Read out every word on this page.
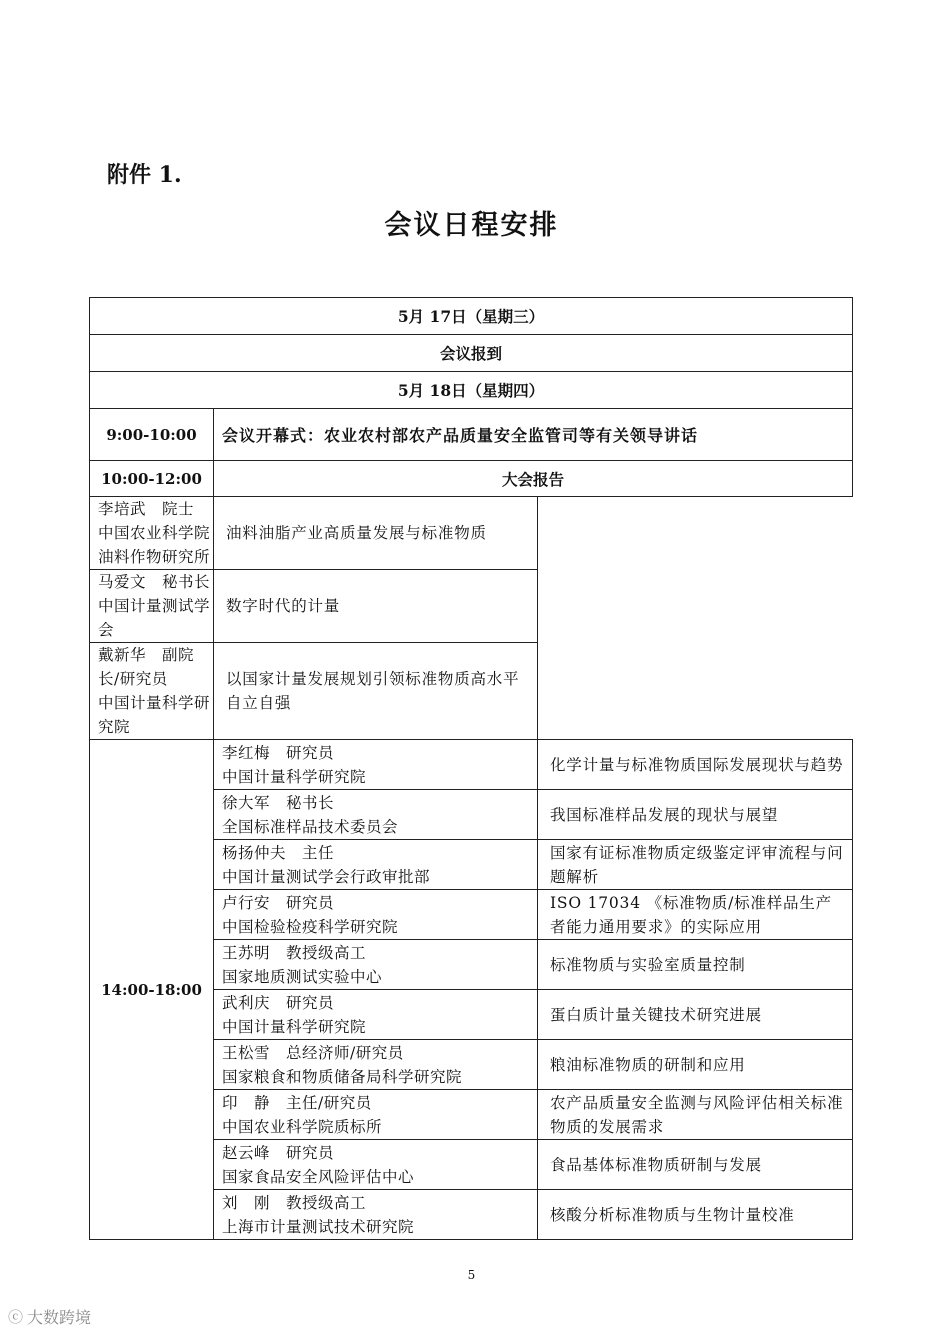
附件 1.
会议日程安排
5月 17日（星期三）		
会议报到		
5月 18日（星期四）		
9:00-10:00	会议开幕式：农业农村部农产品质量安全监管司等有关领导讲话	
10:00-12:00	大会报告	

李培武　院士
中国农业科学院油料作物研究所	油料油脂产业高质量发展与标准物质	

马爱文　秘书长
中国计量测试学会	数字时代的计量	

戴新华　副院长/研究员
中国计量科学研究院	以国家计量发展规划引领标准物质高水平自立自强	
14:00-18:00	李红梅　研究员
中国计量科学研究院	化学计量与标准物质国际发展现状与趋势

	徐大军　秘书长
全国标准样品技术委员会	我国标准样品发展的现状与展望

	杨扬仲夫　主任
中国计量测试学会行政审批部	国家有证标准物质定级鉴定评审流程与问题解析

	卢行安　研究员
中国检验检疫科学研究院	ISO 17034 《标准物质/标准样品生产者能力通用要求》的实际应用

	王苏明　教授级高工
国家地质测试实验中心	标准物质与实验室质量控制

	武利庆　研究员
中国计量科学研究院	蛋白质计量关键技术研究进展

	王松雪　总经济师/研究员
国家粮食和物质储备局科学研究院	粮油标准物质的研制和应用

	印　静　主任/研究员
中国农业科学院质标所	农产品质量安全监测与风险评估相关标准物质的发展需求

	赵云峰　研究员
国家食品安全风险评估中心	食品基体标准物质研制与发展

	刘　刚　教授级高工
上海市计量测试技术研究院	核酸分析标准物质与生物计量校准
5
ⓒ 大数跨境
